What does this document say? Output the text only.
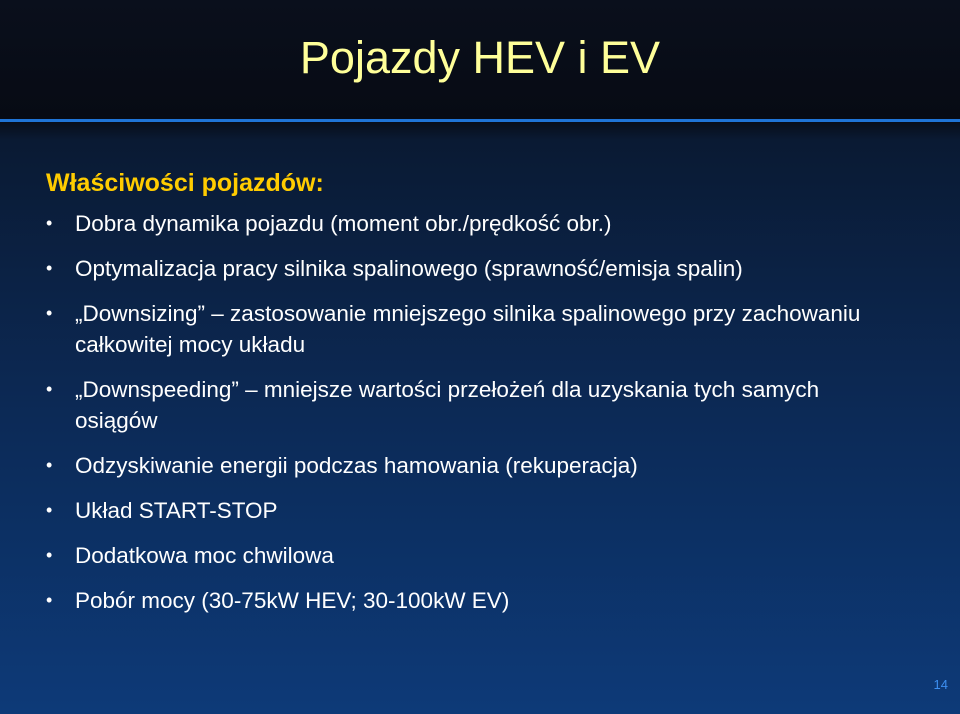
Pojazdy HEV i EV
Właściwości pojazdów:
•	Dobra dynamika pojazdu (moment obr./prędkość obr.)
•	Optymalizacja pracy silnika spalinowego (sprawność/emisja spalin)
•	„Downsizing” – zastosowanie mniejszego silnika spalinowego przy zachowaniu całkowitej mocy układu
•	„Downspeeding” – mniejsze wartości przełożeń dla uzyskania tych samych osiągów
•	Odzyskiwanie energii podczas hamowania (rekuperacja)
•	Układ START-STOP
•	Dodatkowa moc chwilowa
•	Pobór mocy (30-75kW HEV; 30-100kW EV)
14
